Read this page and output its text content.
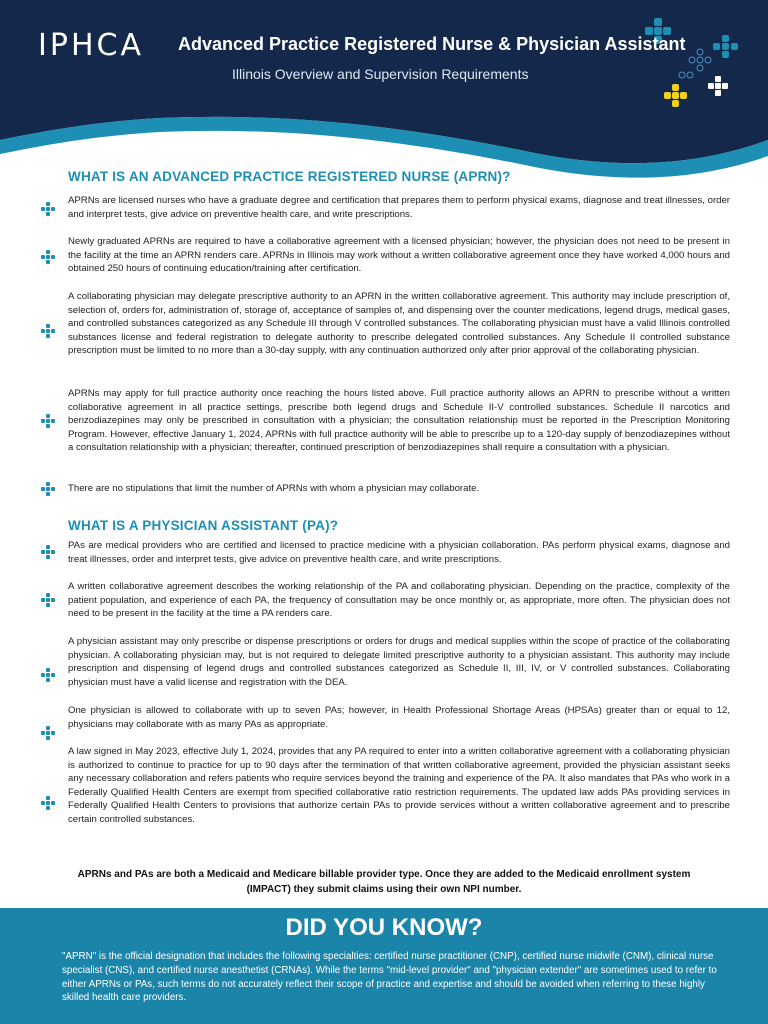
IPHCA Advanced Practice Registered Nurse & Physician Assistant
Illinois Overview and Supervision Requirements
WHAT IS AN ADVANCED PRACTICE REGISTERED NURSE (APRN)?
APRNs are licensed nurses who have a graduate degree and certification that prepares them to perform physical exams, diagnose and treat illnesses, order and interpret tests, give advice on preventive health care, and write prescriptions.
Newly graduated APRNs are required to have a collaborative agreement with a licensed physician; however, the physician does not need to be present in the facility at the time an APRN renders care. APRNs in Illinois may work without a written collaborative agreement once they have worked 4,000 hours and obtained 250 hours of continuing education/training after certification.
A collaborating physician may delegate prescriptive authority to an APRN in the written collaborative agreement. This authority may include prescription of, selection of, orders for, administration of, storage of, acceptance of samples of, and dispensing over the counter medications, legend drugs, medical gases, and controlled substances categorized as any Schedule III through V controlled substances. The collaborating physician must have a valid Illinois controlled substances license and federal registration to delegate authority to prescribe delegated controlled substances. Any Schedule II controlled substance prescription must be limited to no more than a 30-day supply, with any continuation authorized only after prior approval of the collaborating physician.
APRNs may apply for full practice authority once reaching the hours listed above. Full practice authority allows an APRN to prescribe without a written collaborative agreement in all practice settings, prescribe both legend drugs and Schedule II-V controlled substances. Schedule II narcotics and benzodiazepines may only be prescribed in consultation with a physician; the consultation relationship must be reported in the Prescription Monitoring Program. However, effective January 1, 2024, APRNs with full practice authority will be able to prescribe up to a 120-day supply of benzodiazepines without a consultation relationship with a physician; thereafter, continued prescription of benzodiazepines shall require a consultation with a physician.
There are no stipulations that limit the number of APRNs with whom a physician may collaborate.
WHAT IS A PHYSICIAN ASSISTANT (PA)?
PAs are medical providers who are certified and licensed to practice medicine with a physician collaboration. PAs perform physical exams, diagnose and treat illnesses, order and interpret tests, give advice on preventive health care, and write prescriptions.
A written collaborative agreement describes the working relationship of the PA and collaborating physician. Depending on the practice, complexity of the patient population, and experience of each PA, the frequency of consultation may be once monthly or, as appropriate, more often. The physician does not need to be present in the facility at the time a PA renders care.
A physician assistant may only prescribe or dispense prescriptions or orders for drugs and medical supplies within the scope of practice of the collaborating physician. A collaborating physician may, but is not required to delegate limited prescriptive authority to a physician assistant. This authority may include prescription and dispensing of legend drugs and controlled substances categorized as Schedule II, III, IV, or V controlled substances. Collaborating physician must have a valid license and registration with the DEA.
One physician is allowed to collaborate with up to seven PAs; however, in Health Professional Shortage Areas (HPSAs) greater than or equal to 12, physicians may collaborate with as many PAs as appropriate.
A law signed in May 2023, effective July 1, 2024, provides that any PA required to enter into a written collaborative agreement with a collaborating physician is authorized to continue to practice for up to 90 days after the termination of that written collaborative agreement, provided the physician assistant seeks any necessary collaboration and refers patients who require services beyond the training and experience of the PA. It also mandates that PAs who work in a Federally Qualified Health Centers are exempt from specified collaborative ratio restriction requirements. The updated law adds PAs providing services in Federally Qualified Health Centers to provisions that authorize certain PAs to provide services without a written collaborative agreement and to prescribe certain controlled substances.
APRNs and PAs are both a Medicaid and Medicare billable provider type. Once they are added to the Medicaid enrollment system (IMPACT) they submit claims using their own NPI number.
DID YOU KNOW?
"APRN" is the official designation that includes the following specialties: certified nurse practitioner (CNP), certified nurse midwife (CNM), clinical nurse specialist (CNS), and certified nurse anesthetist (CRNAs). While the terms "mid-level provider" and "physician extender" are sometimes used to refer to either APRNs or PAs, such terms do not accurately reflect their scope of practice and expertise and should be avoided when referring to these highly skilled health care providers.
